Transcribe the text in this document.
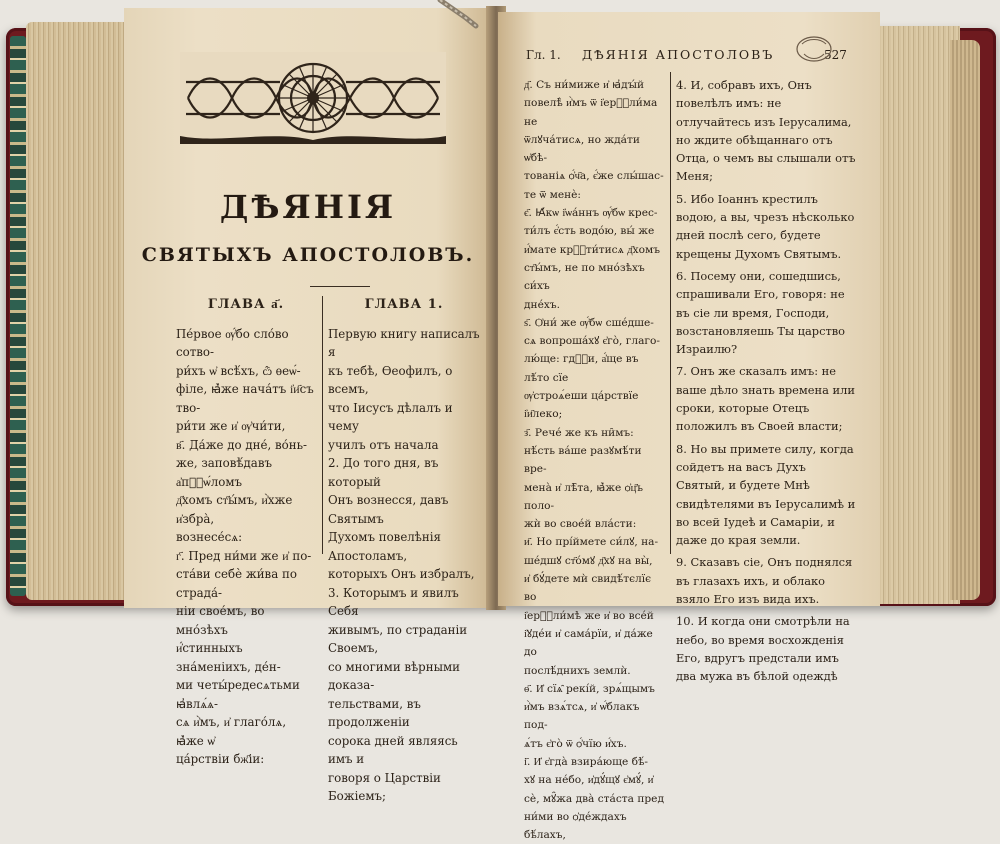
ДѢЯНІЯ
СВЯТЫХЪ АПОСТОЛОВЪ.
ГЛАВА а҃.

Пе́рвое ѹ҆́бо сло́во сотво-

ри́хъ ѡ҆ всѣ́хъ, ѽ ѳеѡ́-

філе, ꙗ҆̀же нача́тъ і҆и҃съ тво-

ри́ти же и҆ ѹ҆чи́ти,

в҃. Да́же до дне́, во́нь-

же, заповѣ́давъ а҆пⷭ҇ѡ́ломъ

д҃хомъ ст҃ы́мъ, и҆̀хже и҆збра̀,

вознесе́сѧ:

г҃. Пред ни́ми же и҆ по-

ста́ви себѐ жи́ва по страда́-

ніи свое́мъ, во мно́зѣхъ

и҆́стинныхъ зна́меніихъ, де́н-

ми четы́редесѧтьми ꙗ҆влѧ́ѧ-

сѧ и҆̀мъ, и҆ глаго́лѧ, ꙗ҆̀же ѡ҆

ца́рствіи бж҃іи:

ГЛАВА 1.

Первую книгу написалъ я

къ тебѣ, Ѳеофилъ, о всемъ,

что Іисусъ дѣлалъ и чему

училъ отъ начала

2. До того дня, въ который

Онъ вознесся, давъ Святымъ

Духомъ повелѣнія Апостоламъ,

которыхъ Онъ избралъ,

3. Которымъ и явилъ Себя

живымъ, по страданіи Своемъ,

со многими вѣрными доказа-

тельствами, въ продолженіи

сорока дней являясь имъ и

говоря о Царствіи Божіемъ;

Гл. 1. ДѢЯНІЯ АПОСТОЛОВЪ	527

д҃. Съ ни́миже и҆ ꙗ҆дꙑ́й

повелѣ̀ и҆̀мъ ѿ і҆ерⷭ҇ли́ма не

ѿлꙋча́тисѧ, но жда́ти ѡ҆бѣ-

тованіѧ ѻ҆́ч҃а, є҆́же слы́шас-

те ѿ менѐ:

є҃. Ꙗ҆́кѡ і҆ѡа́ннъ ѹ҆́бѡ крес-

ти́лъ є҆́сть водо́ю, вы́ же

и҆́мате крⷭ҇ти́тисѧ д҃хомъ

ст҃ы́мъ, не по мно́зѣхъ си́хъ

дне́хъ.

ѕ҃. Ѻ҆ни́ же ѹ҆́бѡ сше́дше-

сѧ вопроша́хꙋ є҆го̀, глаго-

лю́ще: гдⷭ҇и, а҆́ще въ лѣ́то сїе

ѹ҆строѧ́еши ца́рствїе і҆и҃леко;

з҃. Рече́ же къ ни̑мъ:

нѣ́сть ва́ше разꙋмѣ́ти вре-

мена̀ и҆ лѣ̑та, ꙗ҆̀же ѻ҆ц҃ъ поло-

жѝ во свое́й вла́сти:

и҃. Но прі́ймете си́лꙋ, на-

ше́дшꙋ ст҃о́мꙋ д҃хꙋ на вы̀,

и҆ бꙋ́дете мѝ свидѣ́тєлїє во

і҆ерⷭ҇ли́мѣ же и҆ во все́й

і҆ꙋде́и и҆ сама́рїи, и҆ да́же до

послѣ́днихъ землѝ.

ѳ҃. И҆ сїѧ̑ рекі́й, зрѧ́щымъ

и҆̀мъ взѧ́тсѧ, и҆ ѡ҆́блакъ под-

ѧ́тъ є҆го̀ ѿ ѻ҆́чїю и҆́хъ.

і҃. И҆ є҆гда̀ взира́юще бѣ́-

хꙋ на не́бо, и҆дꙋ́щꙋ є҆мꙋ́, и҆

сѐ, мꙋ̑жа два̀ ста́ста пред

ни́ми во ѻ҆де́ждахъ бѣ́лахъ,

4. И, собравъ ихъ, Онъ повелѣлъ имъ: не отлучайтесь изъ Іерусалима, но ждите обѣщаннаго отъ Отца, о чемъ вы слышали отъ Меня;

5. Ибо Іоаннъ крестилъ водою, а вы, чрезъ нѣсколько дней послѣ сего, будете крещены Духомъ Святымъ.

6. Посему они, сошедшись, спрашивали Его, говоря: не въ сіе ли время, Господи, возстановляешь Ты царство Израилю?

7. Онъ же сказалъ имъ: не ваше дѣло знать времена или сроки, которые Отецъ положилъ въ Своей власти;

8. Но вы примете силу, когда сойдетъ на васъ Духъ Святый, и будете Мнѣ свидѣтелями въ Іерусалимѣ и во всей Іудеѣ и Самаріи, и даже до края земли.

9. Сказавъ сіе, Онъ поднялся въ глазахъ ихъ, и облако взяло Его изъ вида ихъ.

10. И когда они смотрѣли на небо, во время восхожденія Его, вдругъ предстали имъ два мужа въ бѣлой одеждѣ
